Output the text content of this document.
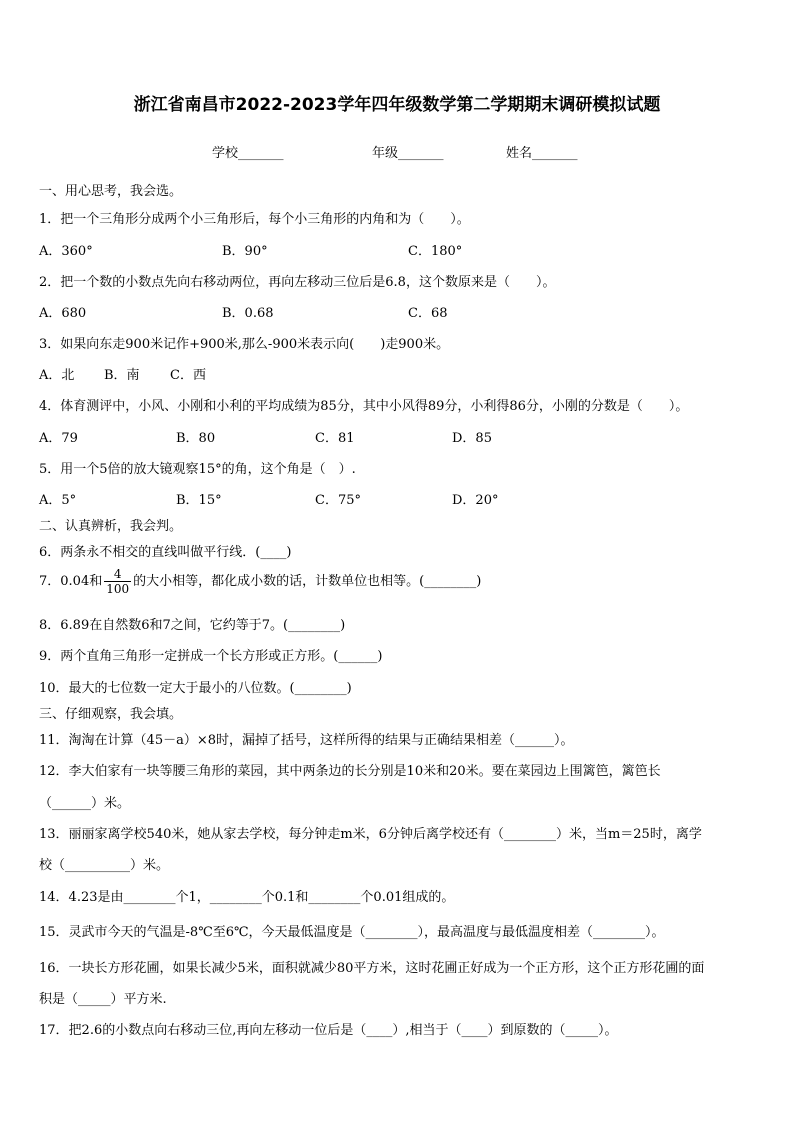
浙江省南昌市2022-2023学年四年级数学第二学期期末调研模拟试题
学校_______	年级_______	姓名_______
一、用心思考，我会选。
1．把一个三角形分成两个小三角形后，每个小三角形的内角和为（　　）。
A．360°	B．90°	C．180°
2．把一个数的小数点先向右移动两位，再向左移动三位后是6.8，这个数原来是（　　）。
A．680	B．0.68	C．68
3．如果向东走900米记作+900米,那么-900米表示向(　　)走900米。
A．北 B．南 C．西
4．体育测评中，小风、小刚和小利的平均成绩为85分，其中小风得89分，小利得86分，小刚的分数是（　　）。
A．79	B．80	C．81	D．85
5．用一个5倍的放大镜观察15°的角，这个角是（　）.
A．5°	B．15°	C．75°	D．20°
二、认真辨析，我会判。
6．两条永不相交的直线叫做平行线．(____)
7．0.04和 $\frac{4}{100}$ 的大小相等，都化成小数的话，计数单位也相等。(________)
8．6.89在自然数6和7之间，它约等于7。(________)
9．两个直角三角形一定拼成一个长方形或正方形。(______)
10．最大的七位数一定大于最小的八位数。(________)
三、仔细观察，我会填。
11．淘淘在计算（45－a）×8时，漏掉了括号，这样所得的结果与正确结果相差（______）。
12．李大伯家有一块等腰三角形的菜园，其中两条边的长分别是10米和20米。要在菜园边上围篱笆，篱笆长
（______）米。
13．丽丽家离学校540米，她从家去学校，每分钟走m米，6分钟后离学校还有（________）米，当m＝25时，离学
校（__________）米。
14．4.23是由________个1，________个0.1和________个0.01组成的。
15．灵武市今天的气温是-8℃至6℃，今天最低温度是（________），最高温度与最低温度相差（________）。
16．一块长方形花圃，如果长减少5米，面积就减少80平方米，这时花圃正好成为一个正方形，这个正方形花圃的面
积是（_____）平方米.
17．把2.6的小数点向右移动三位,再向左移动一位后是（____）,相当于（____）到原数的（_____）。
